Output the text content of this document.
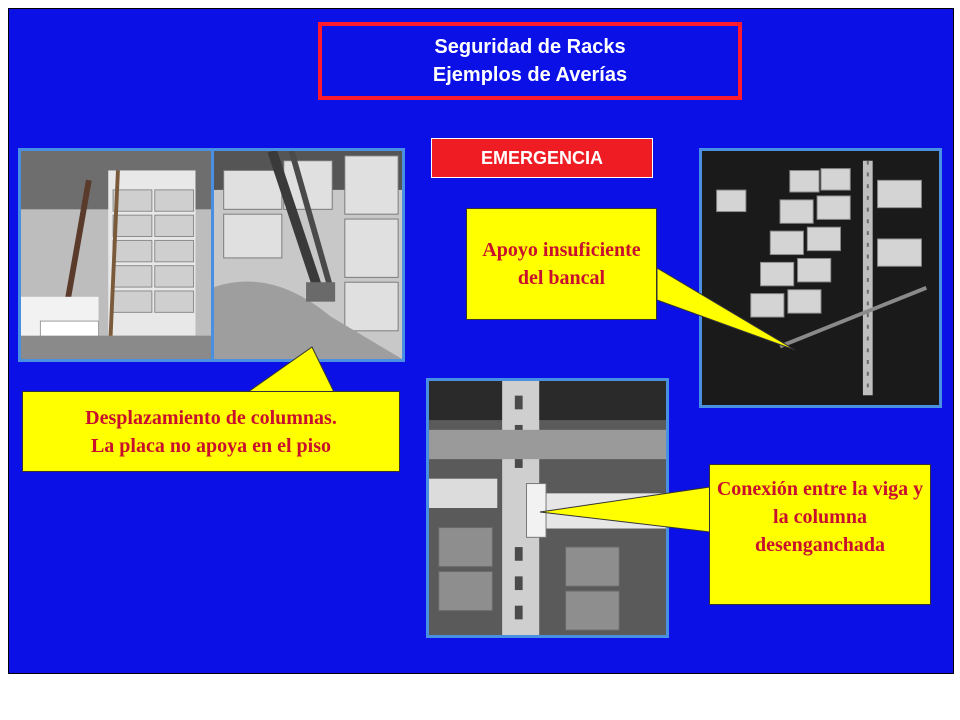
Seguridad de Racks
Ejemplos de Averías
EMERGENCIA
Desplazamiento de columnas.
La placa no apoya en el piso
Apoyo insuficiente del bancal
Conexión entre la viga y la columna desenganchada
